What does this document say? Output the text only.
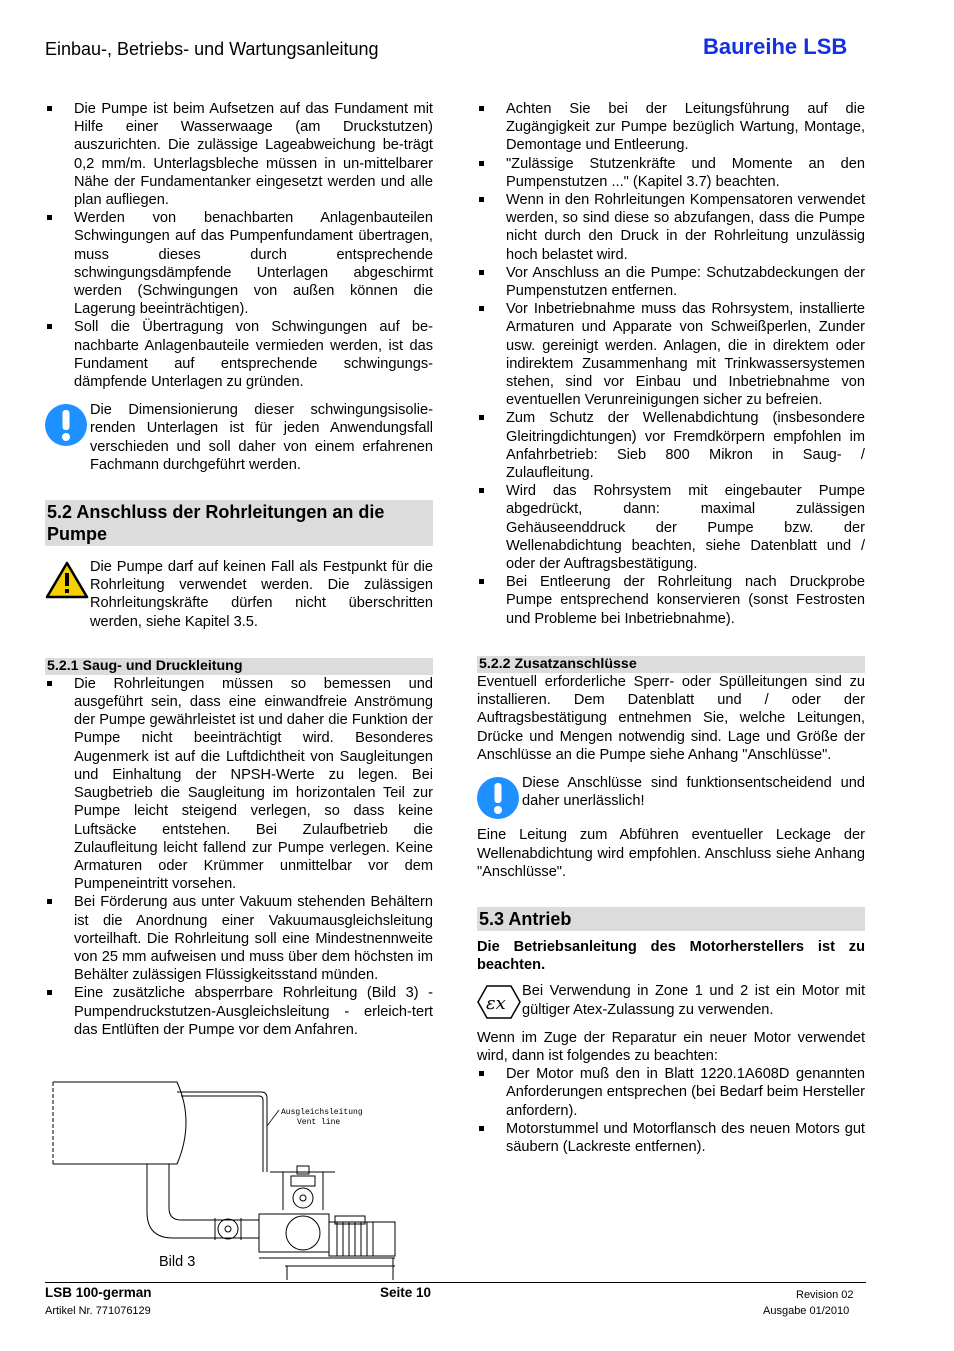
Einbau-, Betriebs- und Wartungsanleitung	Baureihe LSB
Die Pumpe ist beim Aufsetzen auf das Fundament mit Hilfe einer Wasserwaage (am Druckstutzen) auszurichten. Die zulässige Lageabweichung be-trägt 0,2 mm/m. Unterlagsbleche müssen in un-mittelbarer Nähe der Fundamentanker eingesetzt werden und alle plan aufliegen.
Werden von benachbarten Anlagenbauteilen Schwingungen auf das Pumpenfundament übertragen, muss dieses durch entsprechende schwingungsdämpfende Unterlagen abgeschirmt werden (Schwingungen von außen können die Lagerung beeinträchtigen).
Soll die Übertragung von Schwingungen auf be-nachbarte Anlagenbauteile vermieden werden, ist das Fundament auf entsprechende schwingungs-dämpfende Unterlagen zu gründen.

Die Dimensionierung dieser schwingungsisolie-renden Unterlagen ist für jeden Anwendungsfall verschieden und soll daher von einem erfahrenen Fachmann durchgeführt werden.

5.2 Anschluss der Rohrleitungen an die Pumpe

Die Pumpe darf auf keinen Fall als Festpunkt für die Rohrleitung verwendet werden. Die zulässigen Rohrleitungskräfte dürfen nicht überschritten werden, siehe Kapitel 3.5.

5.2.1 Saug- und Druckleitung
Die Rohrleitungen müssen so bemessen und ausgeführt sein, dass eine einwandfreie Anströmung der Pumpe gewährleistet ist und daher die Funktion der Pumpe nicht beeinträchtigt wird. Besonderes Augenmerk ist auf die Luftdichtheit von Saugleitungen und Einhaltung der NPSH-Werte zu legen. Bei Saugbetrieb die Saugleitung im horizontalen Teil zur Pumpe leicht steigend verlegen, so dass keine Luftsäcke entstehen. Bei Zulaufbetrieb die Zulaufleitung leicht fallend zur Pumpe verlegen. Keine Armaturen oder Krümmer unmittelbar vor dem Pumpeneintritt vorsehen.
Bei Förderung aus unter Vakuum stehenden Behältern ist die Anordnung einer Vakuumausgleichsleitung vorteilhaft. Die Rohrleitung soll eine Mindestnennweite von 25 mm aufweisen und muss über dem höchsten im Behälter zulässigen Flüssigkeitsstand münden.
Eine zusätzliche absperrbare Rohrleitung (Bild 3) - Pumpendruckstutzen-Ausgleichsleitung - erleich-tert das Entlüften der Pumpe vor dem Anfahren.
Ausgleichsleitung
Vent line
Bild 3
Achten Sie bei der Leitungsführung auf die Zugängigkeit zur Pumpe bezüglich Wartung, Montage, Demontage und Entleerung.
"Zulässige Stutzenkräfte und Momente an den Pumpenstutzen ..." (Kapitel 3.7) beachten.
Wenn in den Rohrleitungen Kompensatoren verwendet werden, so sind diese so abzufangen, dass die Pumpe nicht durch den Druck in der Rohrleitung unzulässig hoch belastet wird.
Vor Anschluss an die Pumpe: Schutzabdeckungen der Pumpenstutzen entfernen.
Vor Inbetriebnahme muss das Rohrsystem, installierte Armaturen und Apparate von Schweißperlen, Zunder usw. gereinigt werden. Anlagen, die in direktem oder indirektem Zusammenhang mit Trinkwassersystemen stehen, sind vor Einbau und Inbetriebnahme von eventuellen Verunreinigungen sicher zu befreien.
Zum Schutz der Wellenabdichtung (insbesondere Gleitringdichtungen) vor Fremdkörpern empfohlen im Anfahrbetrieb: Sieb 800 Mikron in Saug- / Zulaufleitung.
Wird das Rohrsystem mit eingebauter Pumpe abgedrückt, dann: maximal zulässigen Gehäuseenddruck der Pumpe bzw. der Wellenabdichtung beachten, siehe Datenblatt und / oder der Auftragsbestätigung.
Bei Entleerung der Rohrleitung nach Druckprobe Pumpe entsprechend konservieren (sonst Festrosten und Probleme bei Inbetriebnahme).
5.2.2 Zusatzanschlüsse

Eventuell erforderliche Sperr- oder Spülleitungen sind zu installieren. Dem Datenblatt und / oder der Auftragsbestätigung entnehmen Sie, welche Leitungen, Drücke und Mengen notwendig sind. Lage und Größe der Anschlüsse an die Pumpe siehe Anhang "Anschlüsse".

Diese Anschlüsse sind funktionsentscheidend und daher unerlässlich!

Eine Leitung zum Abführen eventueller Leckage der Wellenabdichtung wird empfohlen. Anschluss siehe Anhang "Anschlüsse".

5.3 Antrieb

Die Betriebsanleitung des Motorherstellers ist zu beachten.

εx

Bei Verwendung in Zone 1 und 2 ist ein Motor mit gültiger Atex-Zulassung zu verwenden.

Wenn im Zuge der Reparatur ein neuer Motor verwendet wird, dann ist folgendes zu beachten:

Der Motor muß den in Blatt 1220.1A608D genannten Anforderungen entsprechen (bei Bedarf beim Hersteller anfordern).
Motorstummel und Motorflansch des neuen Motors gut säubern (Lackreste entfernen).
LSB 100-german	Seite 10	Revision 02
Artikel Nr. 771076129	Ausgabe 01/2010
